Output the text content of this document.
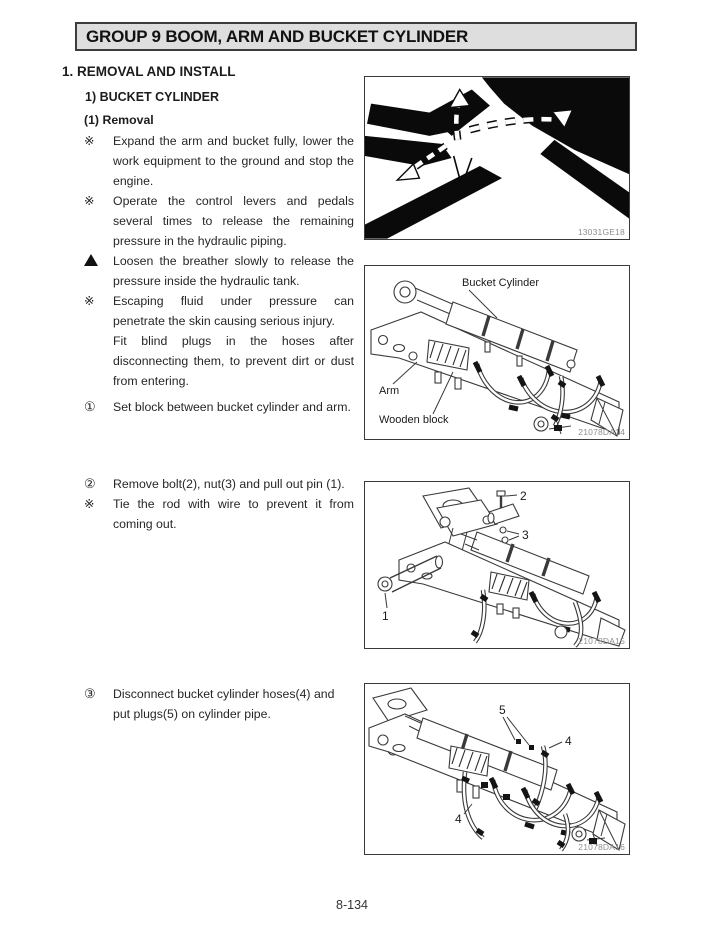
GROUP 9 BOOM, ARM AND BUCKET CYLINDER
1. REMOVAL AND INSTALL
1) BUCKET CYLINDER
(1) Removal
※	Expand the arm and bucket fully, lower the work equipment to the ground and stop the engine.
※	Operate the control levers and pedals several times to release the remaining pressure in the hydraulic piping.
! Loosen the breather slowly to release the pressure inside the hydraulic tank.
※	Escaping fluid under pressure can penetrate the skin causing serious injury.
Fit blind plugs in the hoses after disconnecting them, to prevent dirt or dust from entering.
①	Set block between bucket cylinder and arm.
②	Remove bolt(2), nut(3) and pull out pin (1).
※	Tie the rod with wire to prevent it from coming out.
③	Disconnect bucket cylinder hoses(4) and put plugs(5) on cylinder pipe.
13031GE18
Bucket Cylinder
Arm
Wooden block
21078DA14
1
2
3
21078DA15
5
4
4
21078DA16
8-134
